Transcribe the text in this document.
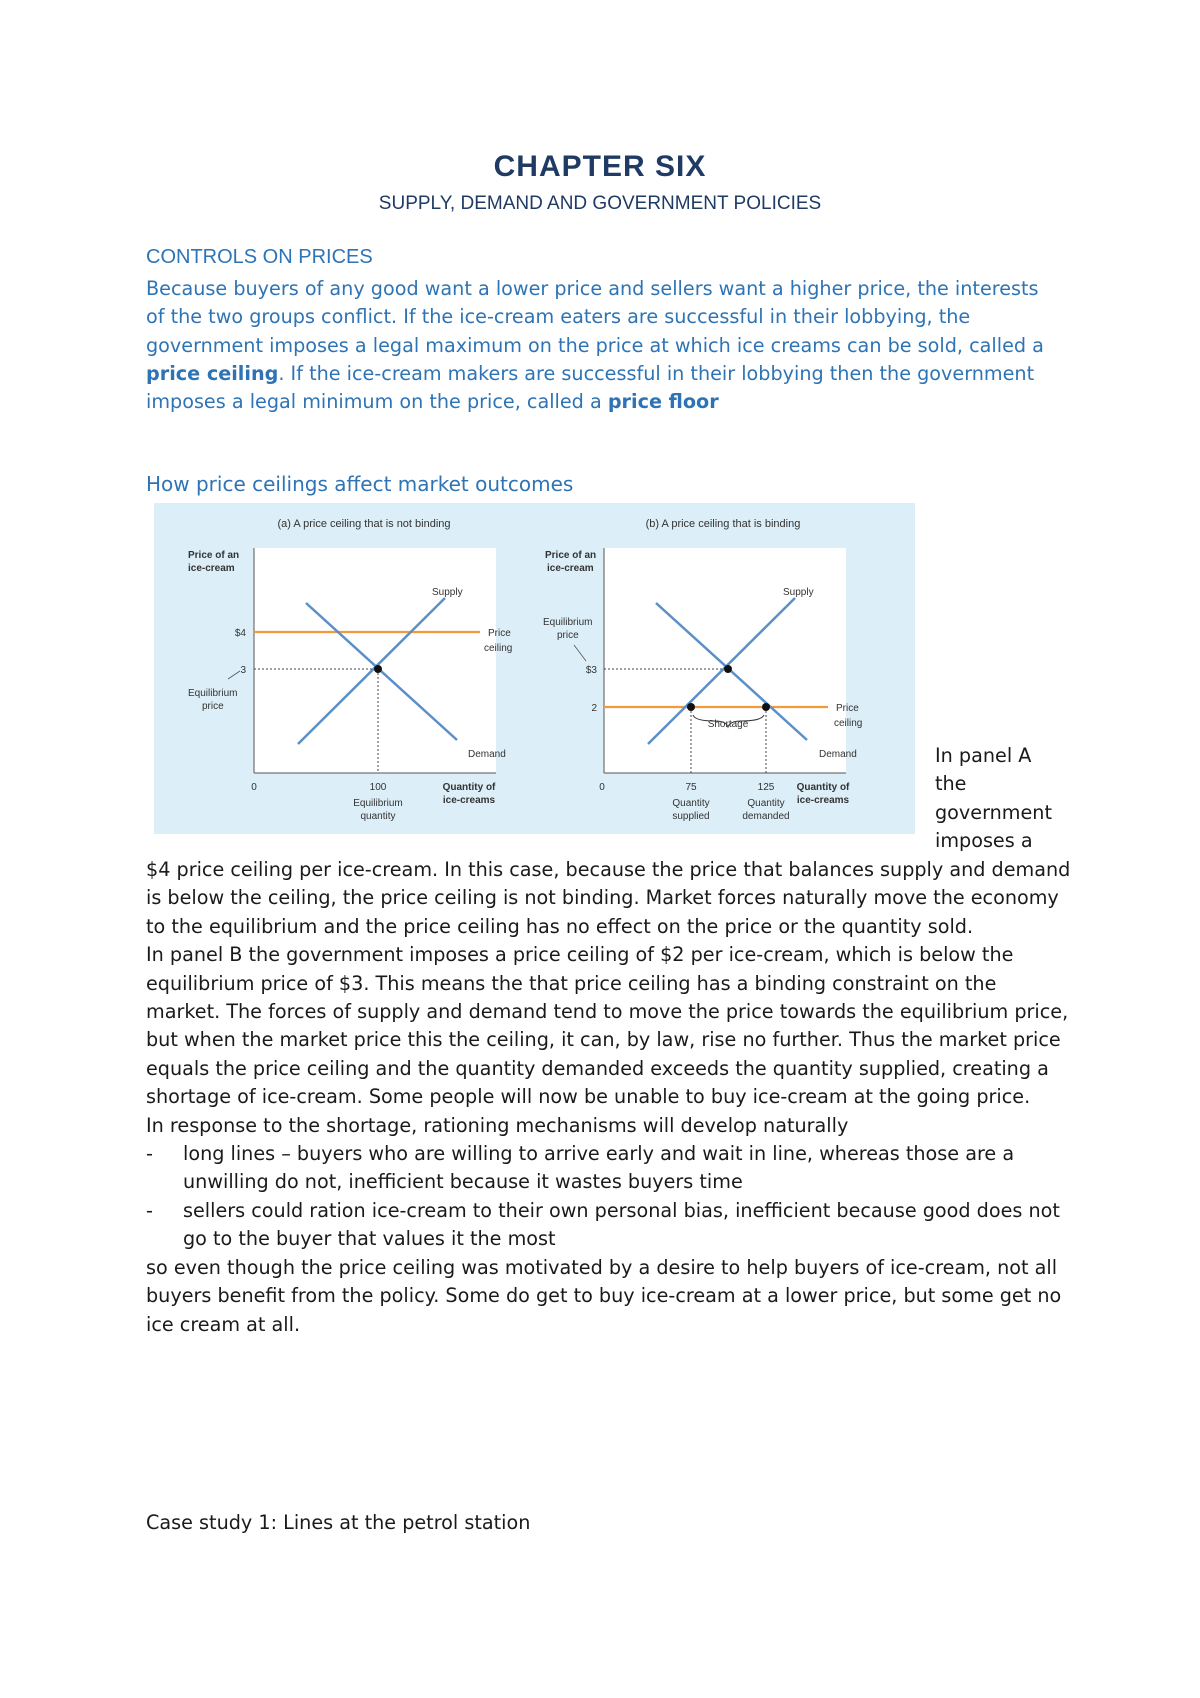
CHAPTER SIX
SUPPLY, DEMAND AND GOVERNMENT POLICIES
CONTROLS ON PRICES
Because buyers of any good want a lower price and sellers want a higher price, the interests of the two groups conflict. If the ice-cream eaters are successful in their lobbying, the government imposes a legal maximum on the price at which ice creams can be sold, called a price ceiling. If the ice-cream makers are successful in their lobbying then the government imposes a legal minimum on the price, called a price floor
How price ceilings affect market outcomes
(a) A price ceiling that is not binding
Price of an
ice-cream
Supply
Demand
Price
ceiling
$4
3
Equilibrium
price
0	100
Equilibrium
quantity
Quantity of
ice-creams
(b) A price ceiling that is binding
Price of an
ice-cream
Shortage
Supply
Demand
Price
ceiling
Equilibrium
price
$3
2
0	75	125
Quantity
supplied
Quantity
demanded
Quantity of
ice-creams
In panel A the government imposes a

$4 price ceiling per ice-cream. In this case, because the price that balances supply and demand is below the ceiling, the price ceiling is not binding. Market forces naturally move the economy to the equilibrium and the price ceiling has no effect on the price or the quantity sold.

In panel B the government imposes a price ceiling of $2 per ice-cream, which is below the equilibrium price of $3. This means the that price ceiling has a binding constraint on the market. The forces of supply and demand tend to move the price towards the equilibrium price, but when the market price this the ceiling, it can, by law, rise no further. Thus the market price equals the price ceiling and the quantity demanded exceeds the quantity supplied, creating a shortage of ice-cream. Some people will now be unable to buy ice-cream at the going price.

In response to the shortage, rationing mechanisms will develop naturally

- long lines – buyers who are willing to arrive early and wait in line, whereas those are a unwilling do not, inefficient because it wastes buyers time
- sellers could ration ice-cream to their own personal bias, inefficient because good does not go to the buyer that values it the most

so even though the price ceiling was motivated by a desire to help buyers of ice-cream, not all buyers benefit from the policy. Some do get to buy ice-cream at a lower price, but some get no ice cream at all.

Case study 1: Lines at the petrol station
